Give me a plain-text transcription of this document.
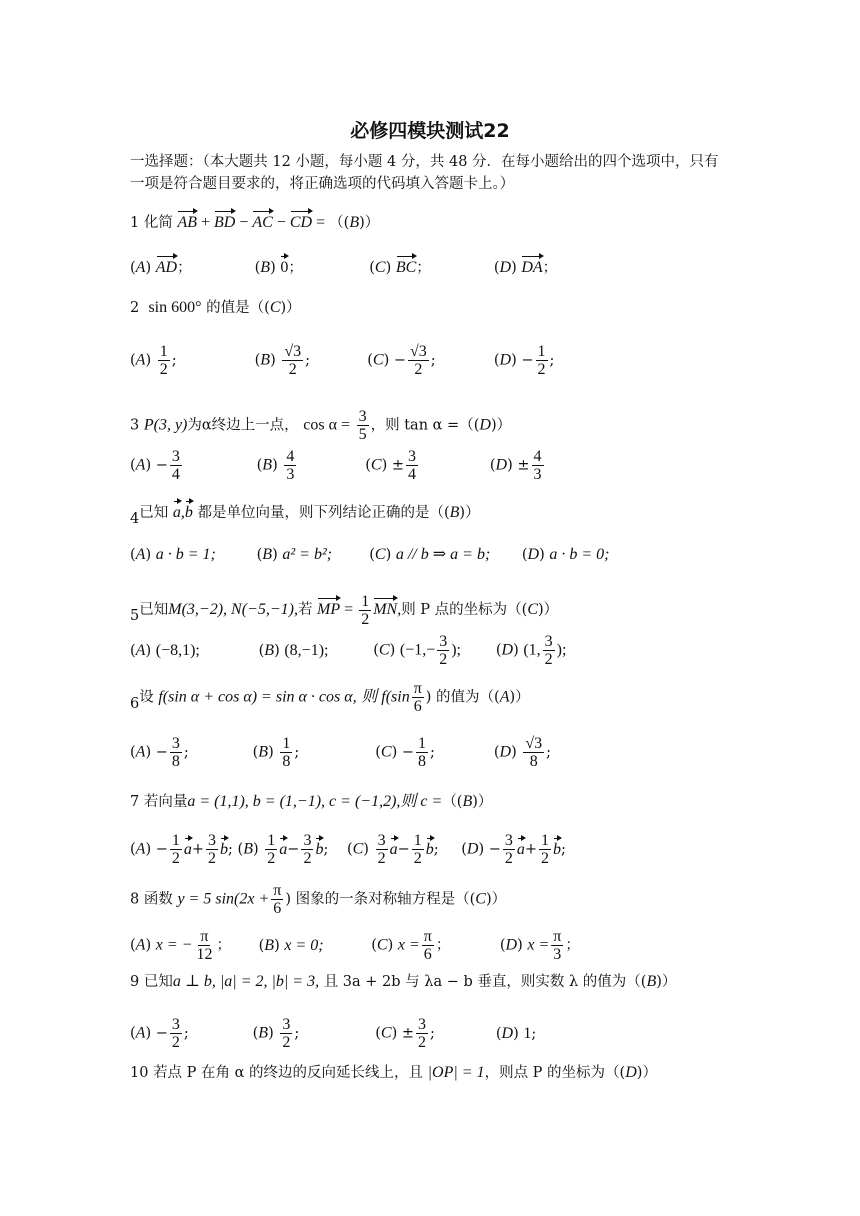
必修四模块测试22
一选择题：（本大题共 12 小题，每小题 4 分，共 48 分．在每小题给出的四个选项中，只有
一项是符合题目要求的，将正确选项的代码填入答题卡上。）
1 化简 AB + BD − AC − CD = （(B)）
(A) AD；	(B) 0；	(C) BC；	(D) DA；
2 sin 600° 的值是（(C)）
$(A) \frac{1}{2}$ ;	$(B) \frac{√3}{2}$ ;	$(C) - \frac{√3}{2}$ ;	$(D) - \frac{1}{2}$ ;
3 P(3, y)为α终边上一点， $\cos \alpha = \frac{3}{5}$ ，则 tan α =（(D)）
$(A) - \frac{3}{4}$	$(B) \frac{4}{3}$	$(C) \pm \frac{3}{4}$	$(D) \pm \frac{4}{3}$
4已知 a,b 都是单位向量，则下列结论正确的是（(B)）
(A) a · b = 1;	(B) a² = b²;	(C) a // b ⇒ a = b; (D) a · b = 0;
5已知M(3,−2), N(−5,−1),若 MP = $\frac{1}{2}$ MN,则 P 点的坐标为（(C)）
(A) (−8,1);	(B) (8,−1);	(C) ($-1,- \frac{3}{2}$ ); (D) (1, $\frac{3}{2}$ );
6设 f(sin α + cos α) = sin α · cos α, 则 $f(\sin \frac{\pi}{6}$ ) 的值为（(A)）
$(A) - \frac{3}{8}$ ;	$(B) \frac{1}{8}$ ;	$(C) - \frac{1}{8}$ ;	$(D) \frac{√3}{8}$ ;
7 若向量a = (1,1), b = (1,−1), c = (−1,2),则 c =（(B)）
$(A) - \frac{1}{2} a+ \frac{3}{2} b$; $(B) \frac{1}{2} a- \frac{3}{2} b$; $(C) \frac{3}{2} a- \frac{1}{2} b$; $(D) - \frac{3}{2} a+ \frac{1}{2} b$;
8 函数 y = 5 $\sin(2x + \frac{\pi}{6}$ ) 图象的一条对称轴方程是（(C)）
(A) x = − $\frac{\pi}{12}$ ； (B) x = 0;	(C) $x = \frac{\pi}{6}$ ；	(D) $x = \frac{\pi}{3}$ ；
9 已知a ⊥ b, |a| = 2, |b| = 3, 且 3a + 2b 与 λa − b 垂直，则实数 λ 的值为（(B)）
$(A) - \frac{3}{2}$ ;	$(B) \frac{3}{2}$ ;	$(C) \pm \frac{3}{2}$ ;	(D) 1;
10 若点 P 在角 α 的终边的反向延长线上，且 |OP| = 1，则点 P 的坐标为（(D)）
